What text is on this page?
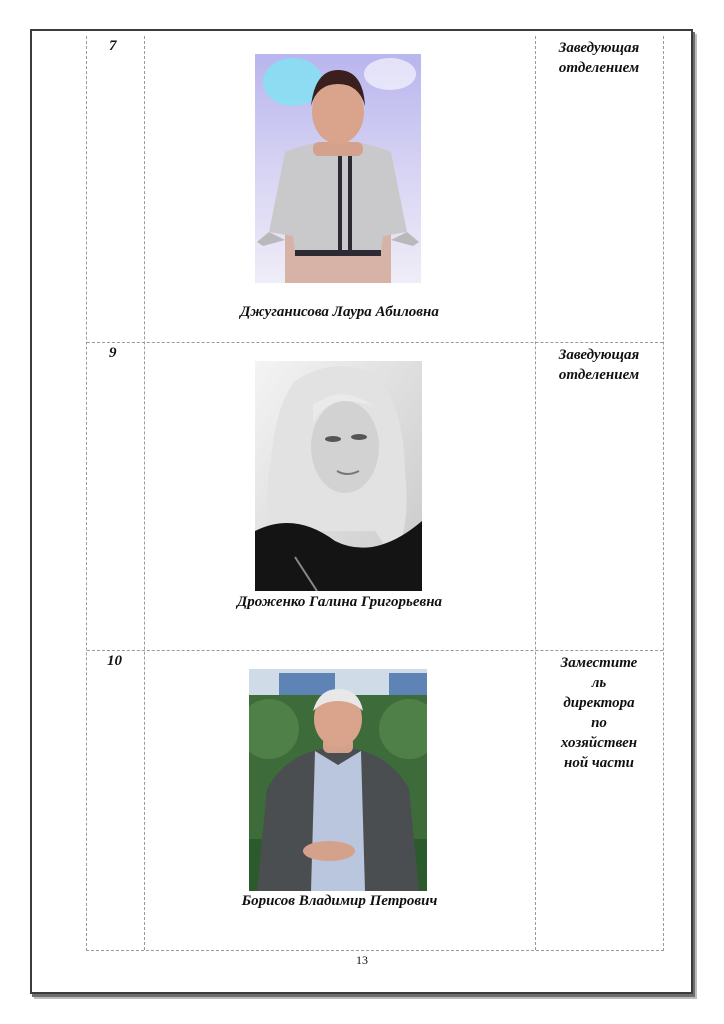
7
Джуганисова Лаура Абиловна
Заведующая
отделением
9
Дроженко Галина Григорьевна
Заведующая
отделением
10
Борисов Владимир Петрович
Заместите
ль
директора
по
хозяйствен
ной части
13
